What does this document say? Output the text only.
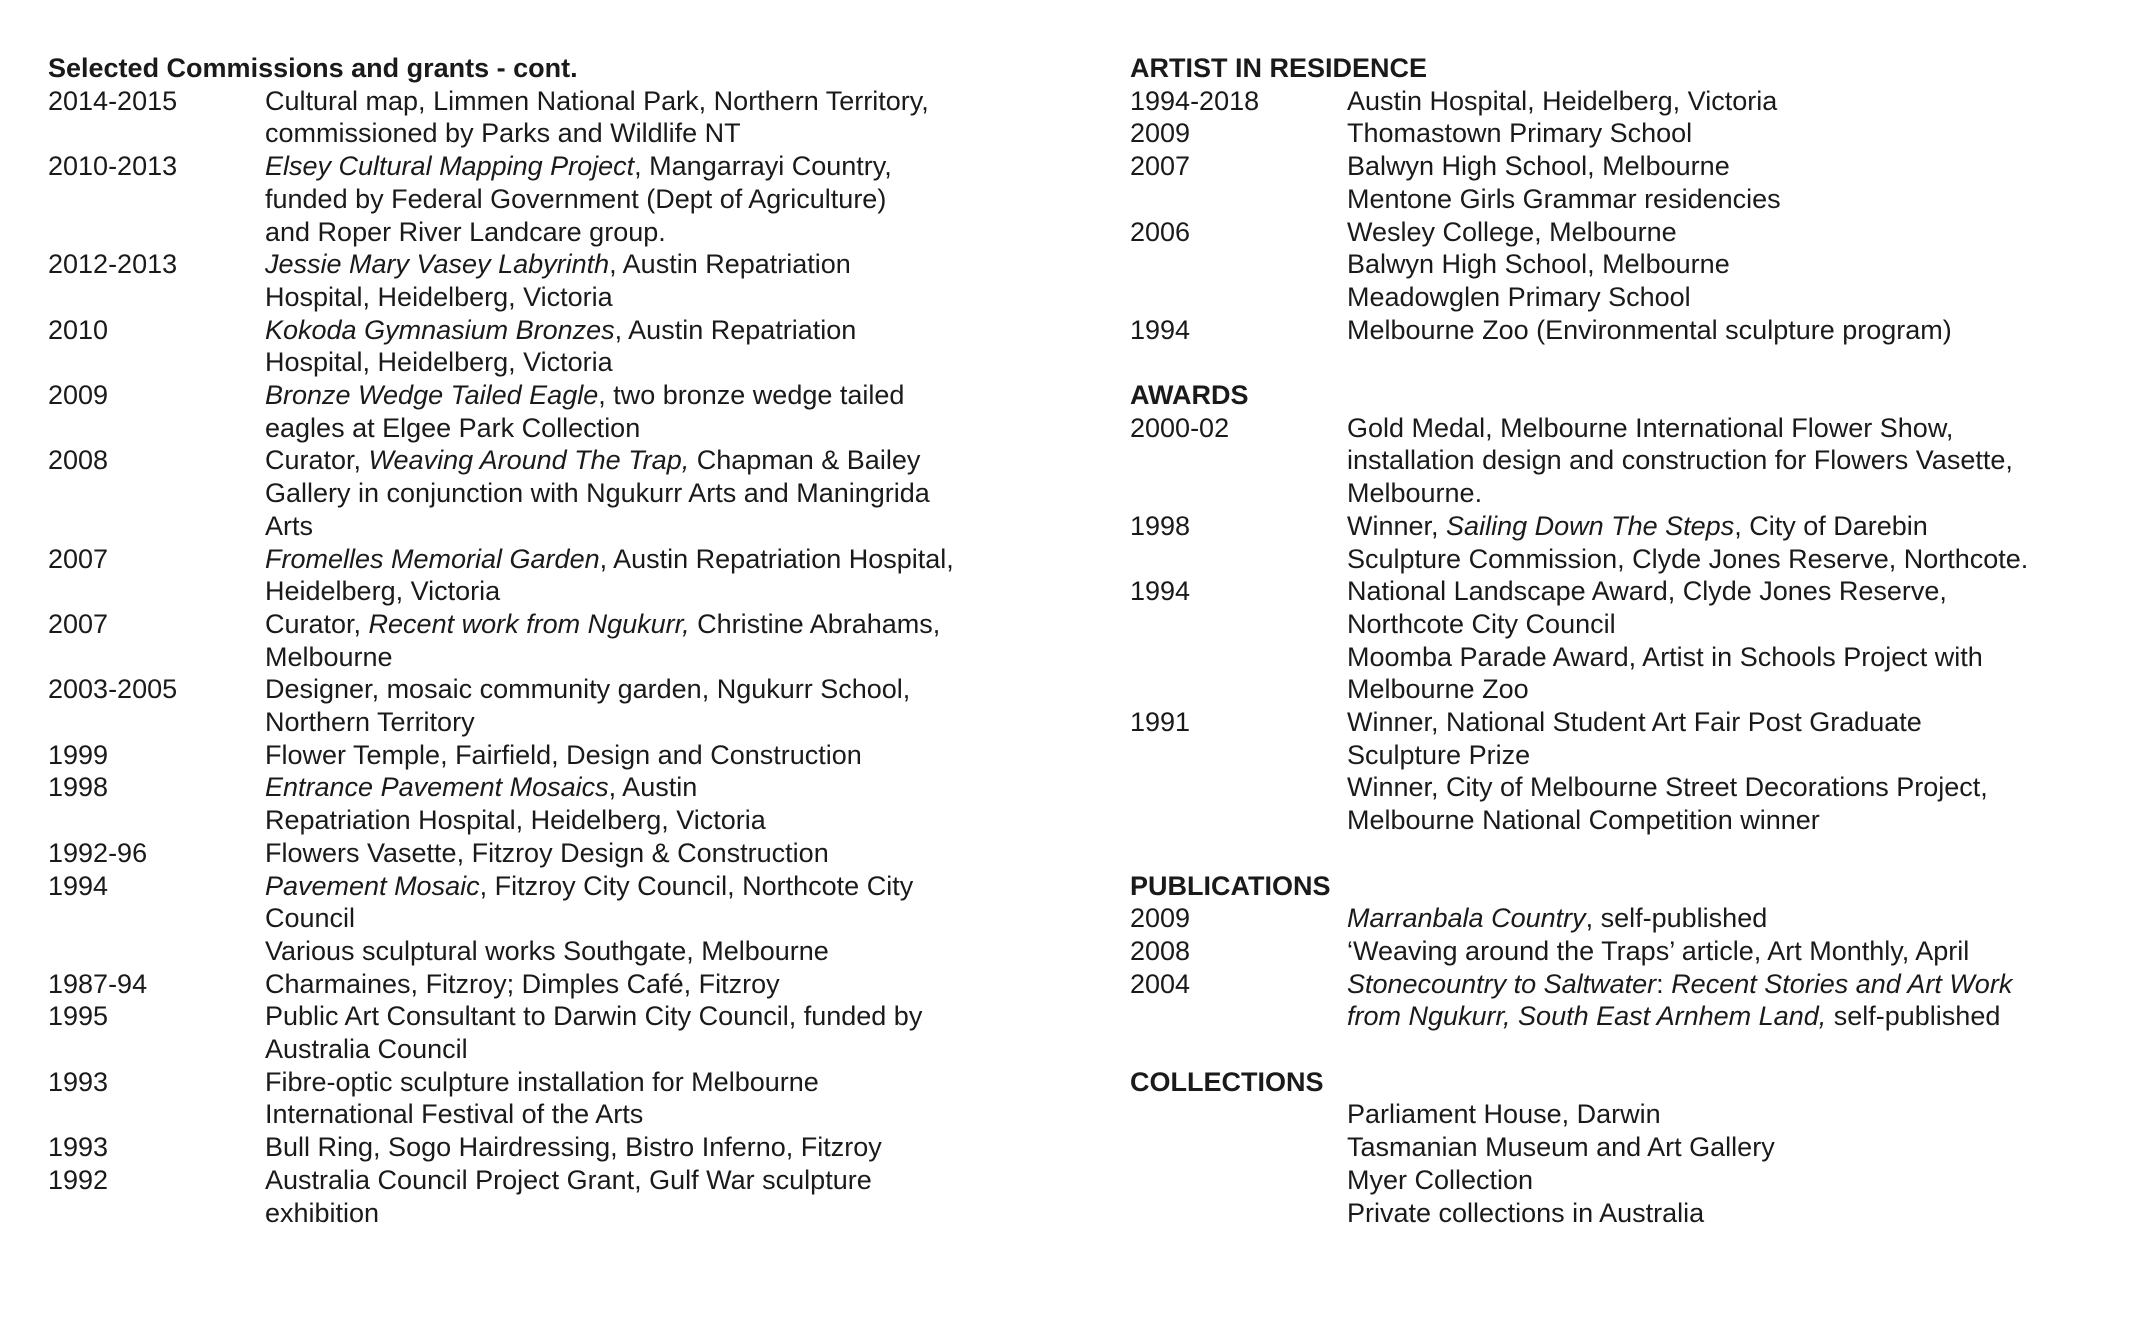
Selected Commissions and grants - cont.
2014-2015	Cultural map, Limmen National Park, Northern Territory,
commissioned by Parks and Wildlife NT
2010-2013	Elsey Cultural Mapping Project, Mangarrayi Country,
funded by Federal Government (Dept of Agriculture)
and Roper River Landcare group.
2012-2013	Jessie Mary Vasey Labyrinth, Austin Repatriation
Hospital, Heidelberg, Victoria
2010	Kokoda Gymnasium Bronzes, Austin Repatriation
Hospital, Heidelberg, Victoria
2009	Bronze Wedge Tailed Eagle, two bronze wedge tailed
eagles at Elgee Park Collection
2008	Curator, Weaving Around The Trap, Chapman & Bailey
Gallery in conjunction with Ngukurr Arts and Maningrida
Arts
2007	Fromelles Memorial Garden, Austin Repatriation Hospital,
Heidelberg, Victoria
2007	Curator, Recent work from Ngukurr, Christine Abrahams,
Melbourne
2003-2005	Designer, mosaic community garden, Ngukurr School,
Northern Territory
1999	Flower Temple, Fairfield, Design and Construction
1998	Entrance Pavement Mosaics, Austin
Repatriation Hospital, Heidelberg, Victoria
1992-96	Flowers Vasette, Fitzroy Design & Construction
1994	Pavement Mosaic, Fitzroy City Council, Northcote City
Council
Various sculptural works Southgate, Melbourne
1987-94	Charmaines, Fitzroy; Dimples Café, Fitzroy
1995	Public Art Consultant to Darwin City Council, funded by
Australia Council
1993	Fibre-optic sculpture installation for Melbourne
International Festival of the Arts
1993	Bull Ring, Sogo Hairdressing, Bistro Inferno, Fitzroy
1992	Australia Council Project Grant, Gulf War sculpture
exhibition
ARTIST IN RESIDENCE
1994-2018	Austin Hospital, Heidelberg, Victoria
2009	Thomastown Primary School
2007	Balwyn High School, Melbourne
Mentone Girls Grammar residencies
2006	Wesley College, Melbourne
Balwyn High School, Melbourne
Meadowglen Primary School
1994	Melbourne Zoo (Environmental sculpture program)
AWARDS
2000-02	Gold Medal, Melbourne International Flower Show,
installation design and construction for Flowers Vasette,
Melbourne.
1998	Winner, Sailing Down The Steps, City of Darebin
Sculpture Commission, Clyde Jones Reserve, Northcote.
1994	National Landscape Award, Clyde Jones Reserve,
Northcote City Council
Moomba Parade Award, Artist in Schools Project with
Melbourne Zoo
1991	Winner, National Student Art Fair Post Graduate
Sculpture Prize
Winner, City of Melbourne Street Decorations Project,
Melbourne National Competition winner
PUBLICATIONS
2009	Marranbala Country, self-published
2008	‘Weaving around the Traps’ article, Art Monthly, April
2004	Stonecountry to Saltwater: Recent Stories and Art Work
from Ngukurr, South East Arnhem Land, self-published
COLLECTIONS
Parliament House, Darwin
Tasmanian Museum and Art Gallery
Myer Collection
Private collections in Australia
